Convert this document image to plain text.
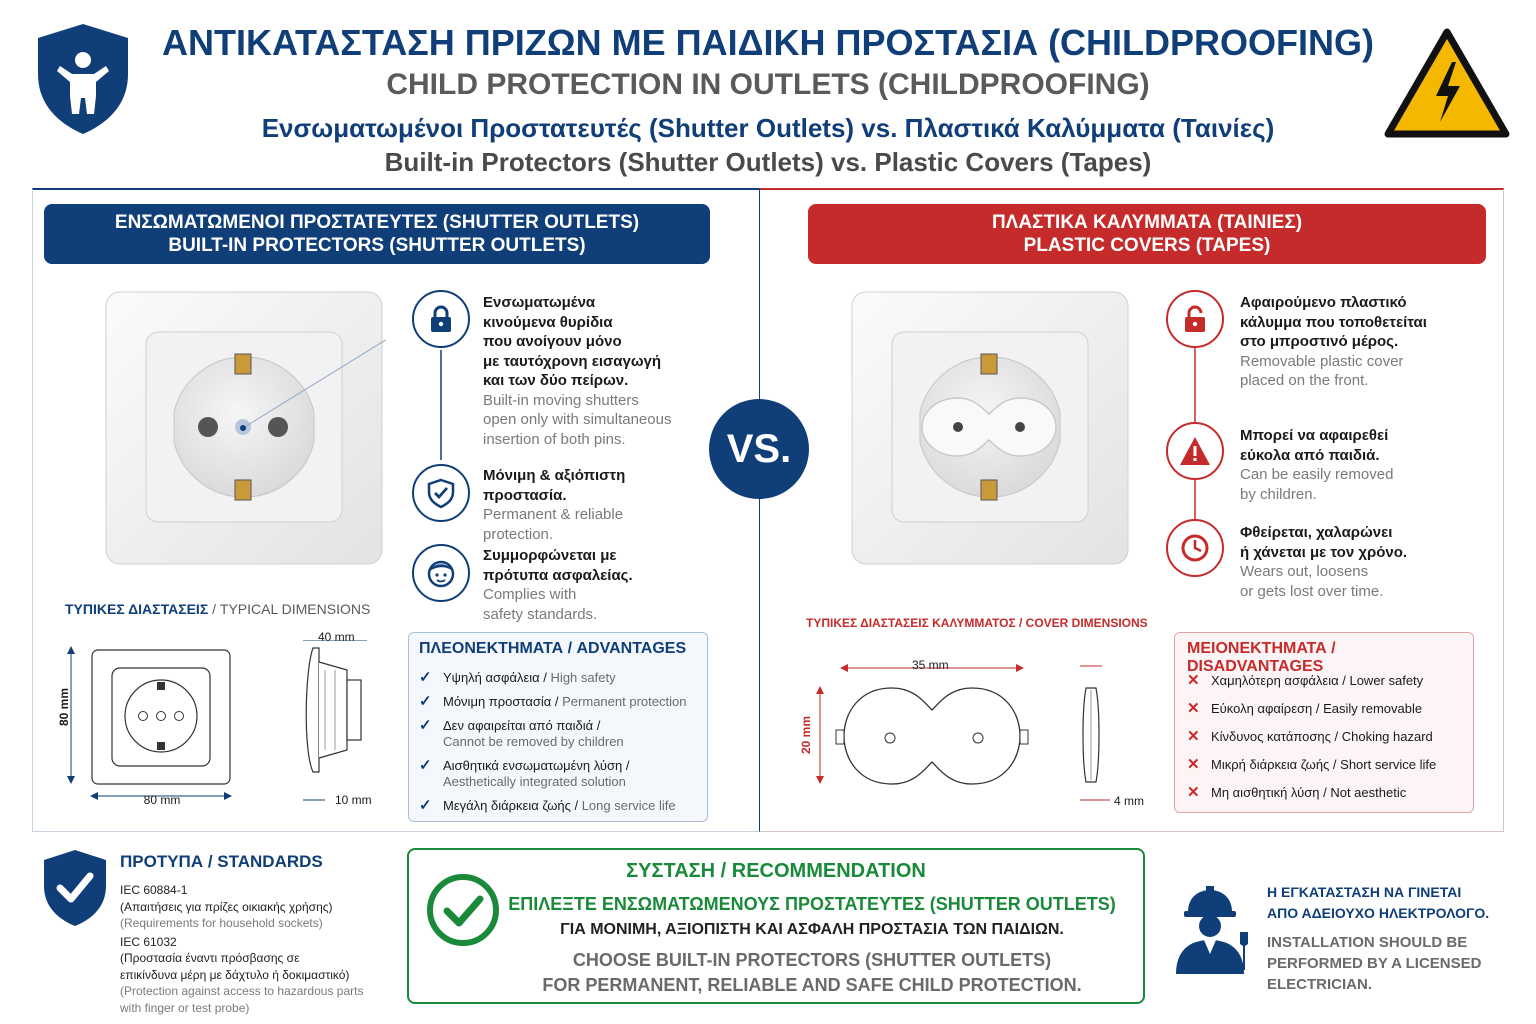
ΑΝΤΙΚΑΤΑΣΤΑΣΗ ΠΡΙΖΩΝ ΜΕ ΠΑΙΔΙΚΗ ΠΡΟΣΤΑΣΙΑ (CHILDPROOFING)
CHILD PROTECTION IN OUTLETS (CHILDPROOFING)
Ενσωματωμένοι Προστατευτές (Shutter Outlets) vs. Πλαστικά Καλύμματα (Ταινίες)
Built-in Protectors (Shutter Outlets) vs. Plastic Covers (Tapes)
ΕΝΣΩΜΑΤΩΜΕΝΟΙ ΠΡΟΣΤΑΤΕΥΤΕΣ (SHUTTER OUTLETS)
BUILT-IN PROTECTORS (SHUTTER OUTLETS)
ΠΛΑΣΤΙΚΑ ΚΑΛΥΜΜΑΤΑ (ΤΑΙΝΙΕΣ)
PLASTIC COVERS (TAPES)
Ενσωματωμένα
κινούμενα θυρίδια
που ανοίγουν μόνο
με ταυτόχρονη εισαγωγή
και των δύο πείρων.
Built-in moving shutters
open only with simultaneous
insertion of both pins.
Μόνιμη & αξιόπιστη
προστασία.
Permanent & reliable
protection.
Συμμορφώνεται με
πρότυπα ασφαλείας.
Complies with
safety standards.
VS.
ΤΥΠΙΚΕΣ ΔΙΑΣΤΑΣΕΙΣ / TYPICAL DIMENSIONS
80 mm
80 mm
40 mm
10 mm
ΠΛΕΟΝΕΚΤΗΜΑΤΑ / ADVANTAGES
✓ Υψηλή ασφάλεια / High safety
✓ Μόνιμη προστασία / Permanent protection
✓ Δεν αφαιρείται από παιδιά /
Cannot be removed by children
✓ Αισθητικά ενσωματωμένη λύση /
Aesthetically integrated solution
✓ Μεγάλη διάρκεια ζωής / Long service life
Αφαιρούμενο πλαστικό
κάλυμμα που τοποθετείται
στο μπροστινό μέρος.
Removable plastic cover
placed on the front.
Μπορεί να αφαιρεθεί
εύκολα από παιδιά.
Can be easily removed
by children.
Φθείρεται, χαλαρώνει
ή χάνεται με τον χρόνο.
Wears out, loosens
or gets lost over time.
ΤΥΠΙΚΕΣ ΔΙΑΣΤΑΣΕΙΣ ΚΑΛΥΜΜΑΤΟΣ / COVER DIMENSIONS
35 mm
20 mm
4 mm
ΜΕΙΟΝΕΚΤΗΜΑΤΑ / DISADVANTAGES
✕ Χαμηλότερη ασφάλεια / Lower safety
✕ Εύκολη αφαίρεση / Easily removable
✕ Κίνδυνος κατάποσης / Choking hazard
✕ Μικρή διάρκεια ζωής / Short service life
✕ Μη αισθητική λύση / Not aesthetic
ΠΡΟΤΥΠΑ / STANDARDS
IEC 60884-1
(Απαιτήσεις για πρίζες οικιακής χρήσης)
(Requirements for household sockets)
IEC 61032
(Προστασία έναντι πρόσβασης σε
επικίνδυνα μέρη με δάχτυλο ή δοκιμαστικό)
(Protection against access to hazardous parts
with finger or test probe)
ΣΥΣΤΑΣΗ / RECOMMENDATION
ΕΠΙΛΕΞΤΕ ΕΝΣΩΜΑΤΩΜΕΝΟΥΣ ΠΡΟΣΤΑΤΕΥΤΕΣ (SHUTTER OUTLETS)
ΓΙΑ ΜΟΝΙΜΗ, ΑΞΙΟΠΙΣΤΗ ΚΑΙ ΑΣΦΑΛΗ ΠΡΟΣΤΑΣΙΑ ΤΩΝ ΠΑΙΔΙΩΝ.
CHOOSE BUILT-IN PROTECTORS (SHUTTER OUTLETS)
FOR PERMANENT, RELIABLE AND SAFE CHILD PROTECTION.
Η ΕΓΚΑΤΑΣΤΑΣΗ ΝΑ ΓΙΝΕΤΑΙ
ΑΠΟ ΑΔΕΙΟΥΧΟ ΗΛΕΚΤΡΟΛΟΓΟ.
INSTALLATION SHOULD BE
PERFORMED BY A LICENSED
ELECTRICIAN.
